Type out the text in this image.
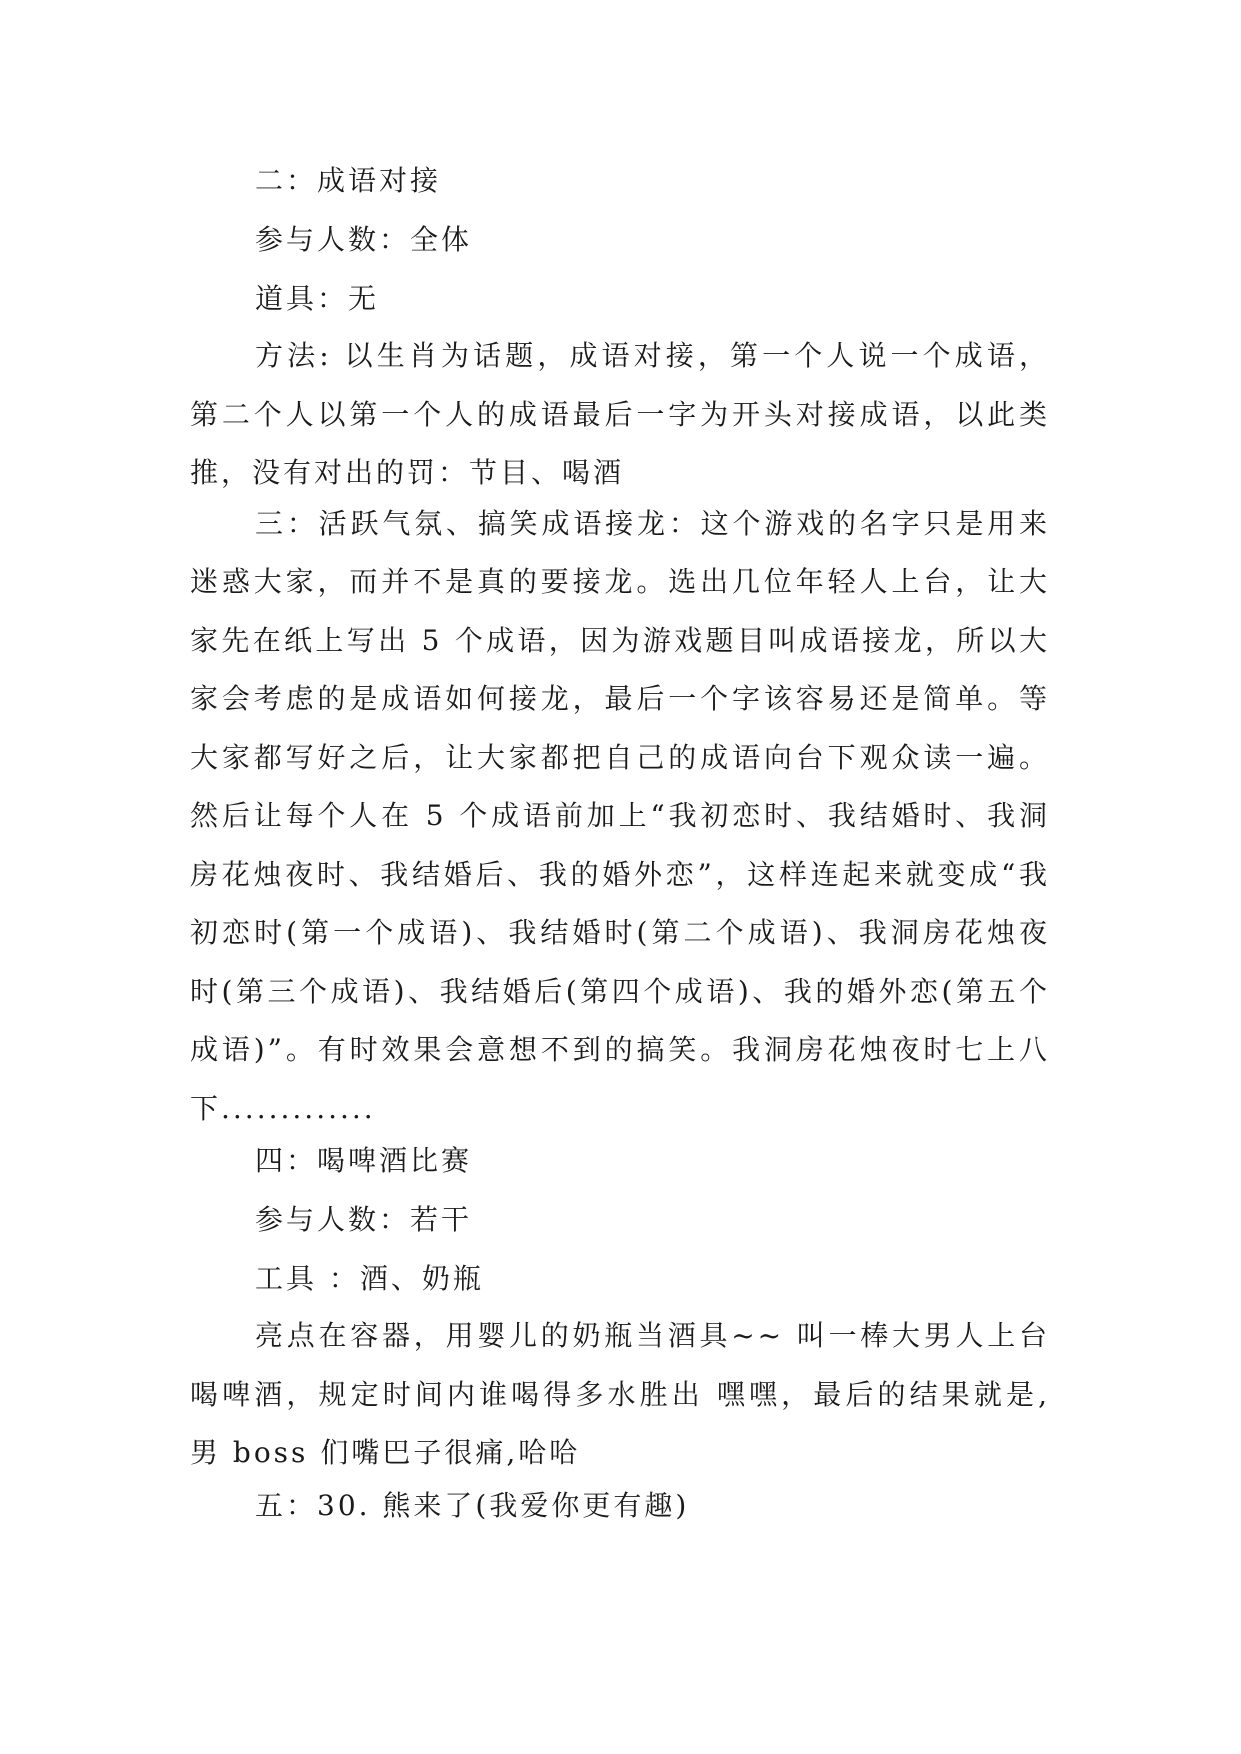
二：成语对接

参与人数：全体

道具：无

方法: 以生肖为话题，成语对接，第一个人说一个成语，第二个人以第一个人的成语最后一字为开头对接成语，以此类推，没有对出的罚：节目、喝酒

三：活跃气氛、搞笑成语接龙：这个游戏的名字只是用来迷惑大家，而并不是真的要接龙。选出几位年轻人上台，让大家先在纸上写出 5 个成语，因为游戏题目叫成语接龙，所以大家会考虑的是成语如何接龙，最后一个字该容易还是简单。等大家都写好之后，让大家都把自己的成语向台下观众读一遍。然后让每个人在 5 个成语前加上“我初恋时、我结婚时、我洞房花烛夜时、我结婚后、我的婚外恋”，这样连起来就变成“我初恋时(第一个成语)、我结婚时(第二个成语)、我洞房花烛夜时(第三个成语)、我结婚后(第四个成语)、我的婚外恋(第五个成语)”。有时效果会意想不到的搞笑。我洞房花烛夜时七上八下.............

四：喝啤酒比赛

参与人数：若干

工具 ：酒、奶瓶

亮点在容器，用婴儿的奶瓶当酒具~~ 叫一棒大男人上台喝啤酒，规定时间内谁喝得多水胜出 嘿嘿，最后的结果就是,男 boss 们嘴巴子很痛,哈哈

五：30. 熊来了(我爱你更有趣)
